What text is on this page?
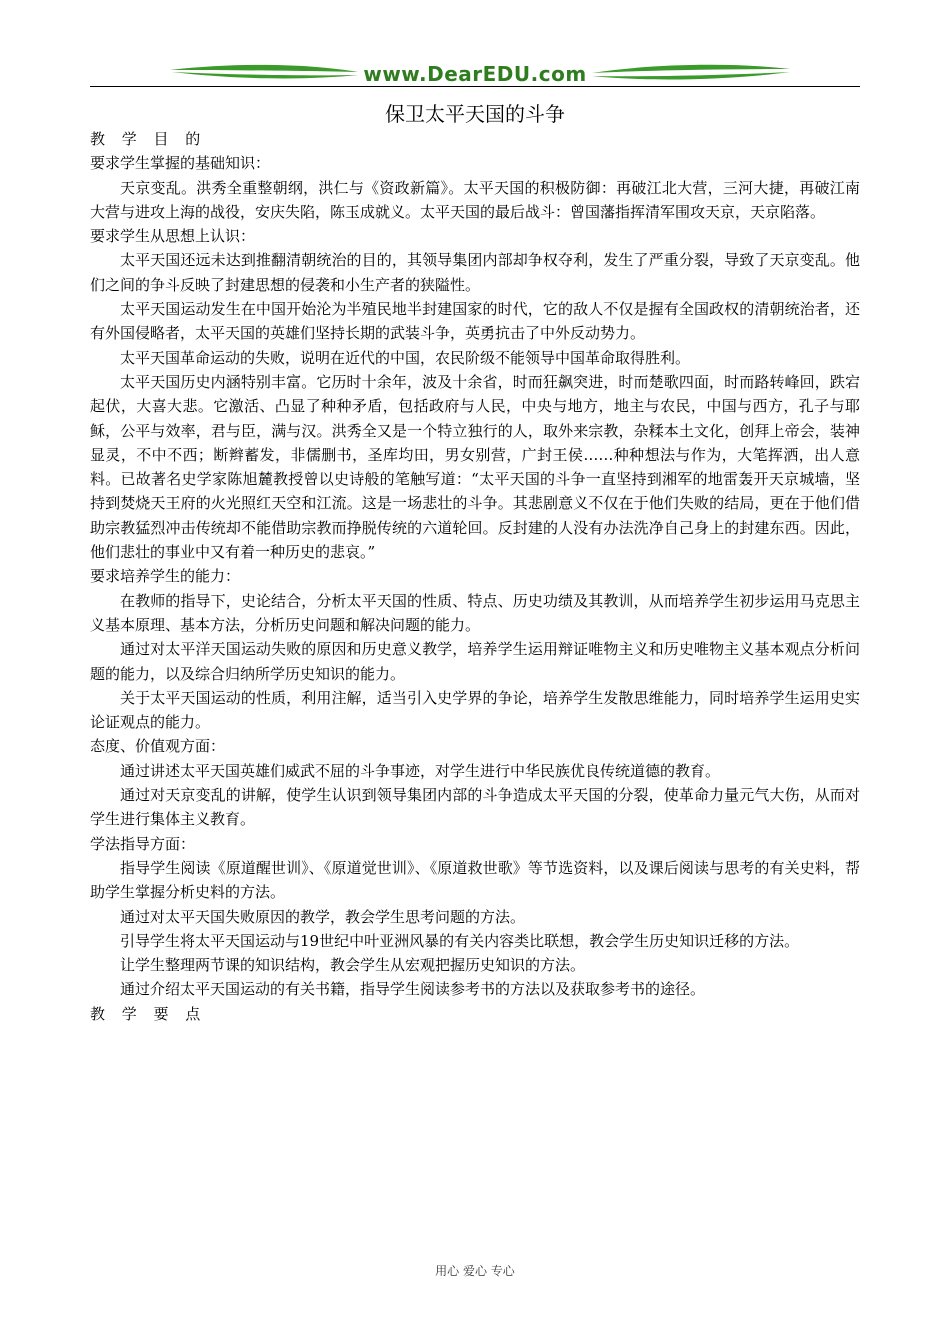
www.DearEDU.com
保卫太平天国的斗争

教 学 目 的

要求学生掌握的基础知识：

天京变乱。洪秀全重整朝纲，洪仁与《资政新篇》。太平天国的积极防御：再破江北大营，三河大捷，再破江南大营与进攻上海的战役，安庆失陷，陈玉成就义。太平天国的最后战斗：曾国藩指挥清军围攻天京，天京陷落。

要求学生从思想上认识：

太平天国还远未达到推翻清朝统治的目的，其领导集团内部却争权夺利，发生了严重分裂，导致了天京变乱。他们之间的争斗反映了封建思想的侵袭和小生产者的狭隘性。

太平天国运动发生在中国开始沦为半殖民地半封建国家的时代，它的敌人不仅是握有全国政权的清朝统治者，还有外国侵略者，太平天国的英雄们坚持长期的武装斗争，英勇抗击了中外反动势力。

太平天国革命运动的失败，说明在近代的中国，农民阶级不能领导中国革命取得胜利。

太平天国历史内涵特别丰富。它历时十余年，波及十余省，时而狂飙突进，时而楚歌四面，时而路转峰回，跌宕起伏，大喜大悲。它激活、凸显了种种矛盾，包括政府与人民，中央与地方，地主与农民，中国与西方，孔子与耶稣，公平与效率，君与臣，满与汉。洪秀全又是一个特立独行的人，取外来宗教，杂糅本土文化，创拜上帝会，装神显灵，不中不西；断辫蓄发，非儒删书，圣库均田，男女别营，广封王侯……种种想法与作为，大笔挥洒，出人意料。已故著名史学家陈旭麓教授曾以史诗般的笔触写道：“太平天国的斗争一直坚持到湘军的地雷轰开天京城墙，坚持到焚烧天王府的火光照红天空和江流。这是一场悲壮的斗争。其悲剧意义不仅在于他们失败的结局，更在于他们借助宗教猛烈冲击传统却不能借助宗教而挣脱传统的六道轮回。反封建的人没有办法洗净自己身上的封建东西。因此，他们悲壮的事业中又有着一种历史的悲哀。”

要求培养学生的能力：

在教师的指导下，史论结合，分析太平天国的性质、特点、历史功绩及其教训，从而培养学生初步运用马克思主义基本原理、基本方法，分析历史问题和解决问题的能力。

通过对太平洋天国运动失败的原因和历史意义教学，培养学生运用辩证唯物主义和历史唯物主义基本观点分析问题的能力，以及综合归纳所学历史知识的能力。

关于太平天国运动的性质，利用注解，适当引入史学界的争论，培养学生发散思维能力，同时培养学生运用史实论证观点的能力。

态度、价值观方面：

通过讲述太平天国英雄们威武不屈的斗争事迹，对学生进行中华民族优良传统道德的教育。

通过对天京变乱的讲解，使学生认识到领导集团内部的斗争造成太平天国的分裂，使革命力量元气大伤，从而对学生进行集体主义教育。

学法指导方面：

指导学生阅读《原道醒世训》、《原道觉世训》、《原道救世歌》等节选资料，以及课后阅读与思考的有关史料，帮助学生掌握分析史料的方法。

通过对太平天国失败原因的教学，教会学生思考问题的方法。

引导学生将太平天国运动与19世纪中叶亚洲风暴的有关内容类比联想，教会学生历史知识迁移的方法。

让学生整理两节课的知识结构，教会学生从宏观把握历史知识的方法。

通过介绍太平天国运动的有关书籍，指导学生阅读参考书的方法以及获取参考书的途径。

教 学 要 点

用心 爱心 专心
